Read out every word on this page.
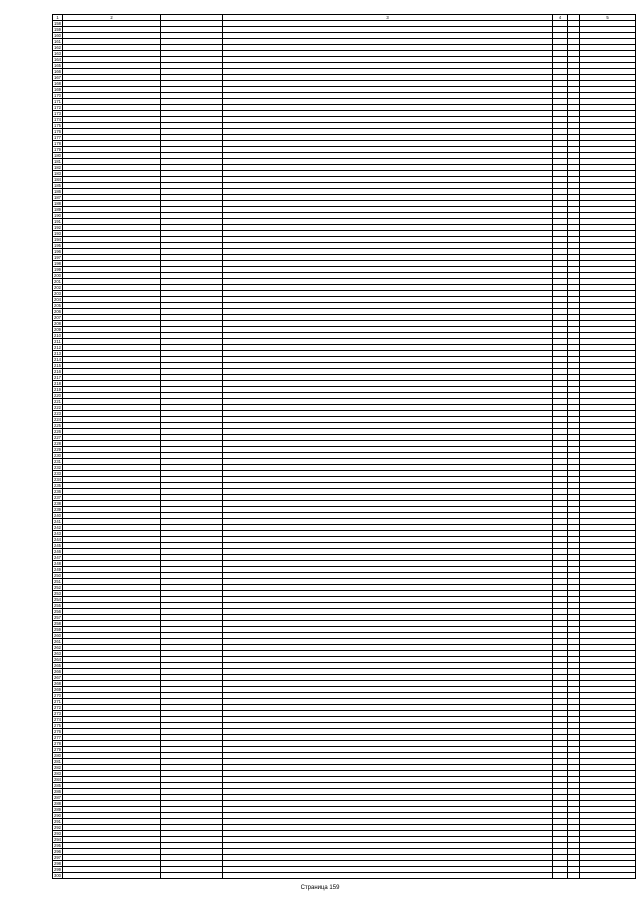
1	2		3	4		5
158						
159						
160						
161						
162						
163						
164						
165						
166						
167						
168						
169						
170						
171						
172						
173						
174						
175						
176						
177						
178						
179						
180						
181						
182						
183						
184						
185						
186						
187						
188						
189						
190						
191						
192						
193						
194						
195						
196						
197						
198						
199						
200						
201						
202						
203						
204						
205						
206						
207						
208						
209						
210						
211						
212						
213						
214						
215						
216						
217						
218						
219						
220						
221						
222						
223						
224						
225						
226						
227						
228						
229						
230						
231						
232						
233						
234						
235						
236						
237						
238						
239						
240						
241						
242						
243						
244						
245						
246						
247						
248						
249						
250						
251						
252						
253						
254						
255						
256						
257						
258						
259						
260						
261						
262						
263						
264						
265						
266						
267						
268						
269						
270						
271						
272						
273						
274						
275						
276						
277						
278						
279						
280						
281						
282						
283						
284						
285						
286						
287						
288						
289						
290						
291						
292						
293						
294						
295						
296						
297						
298						
299						
300						
Страница 159
